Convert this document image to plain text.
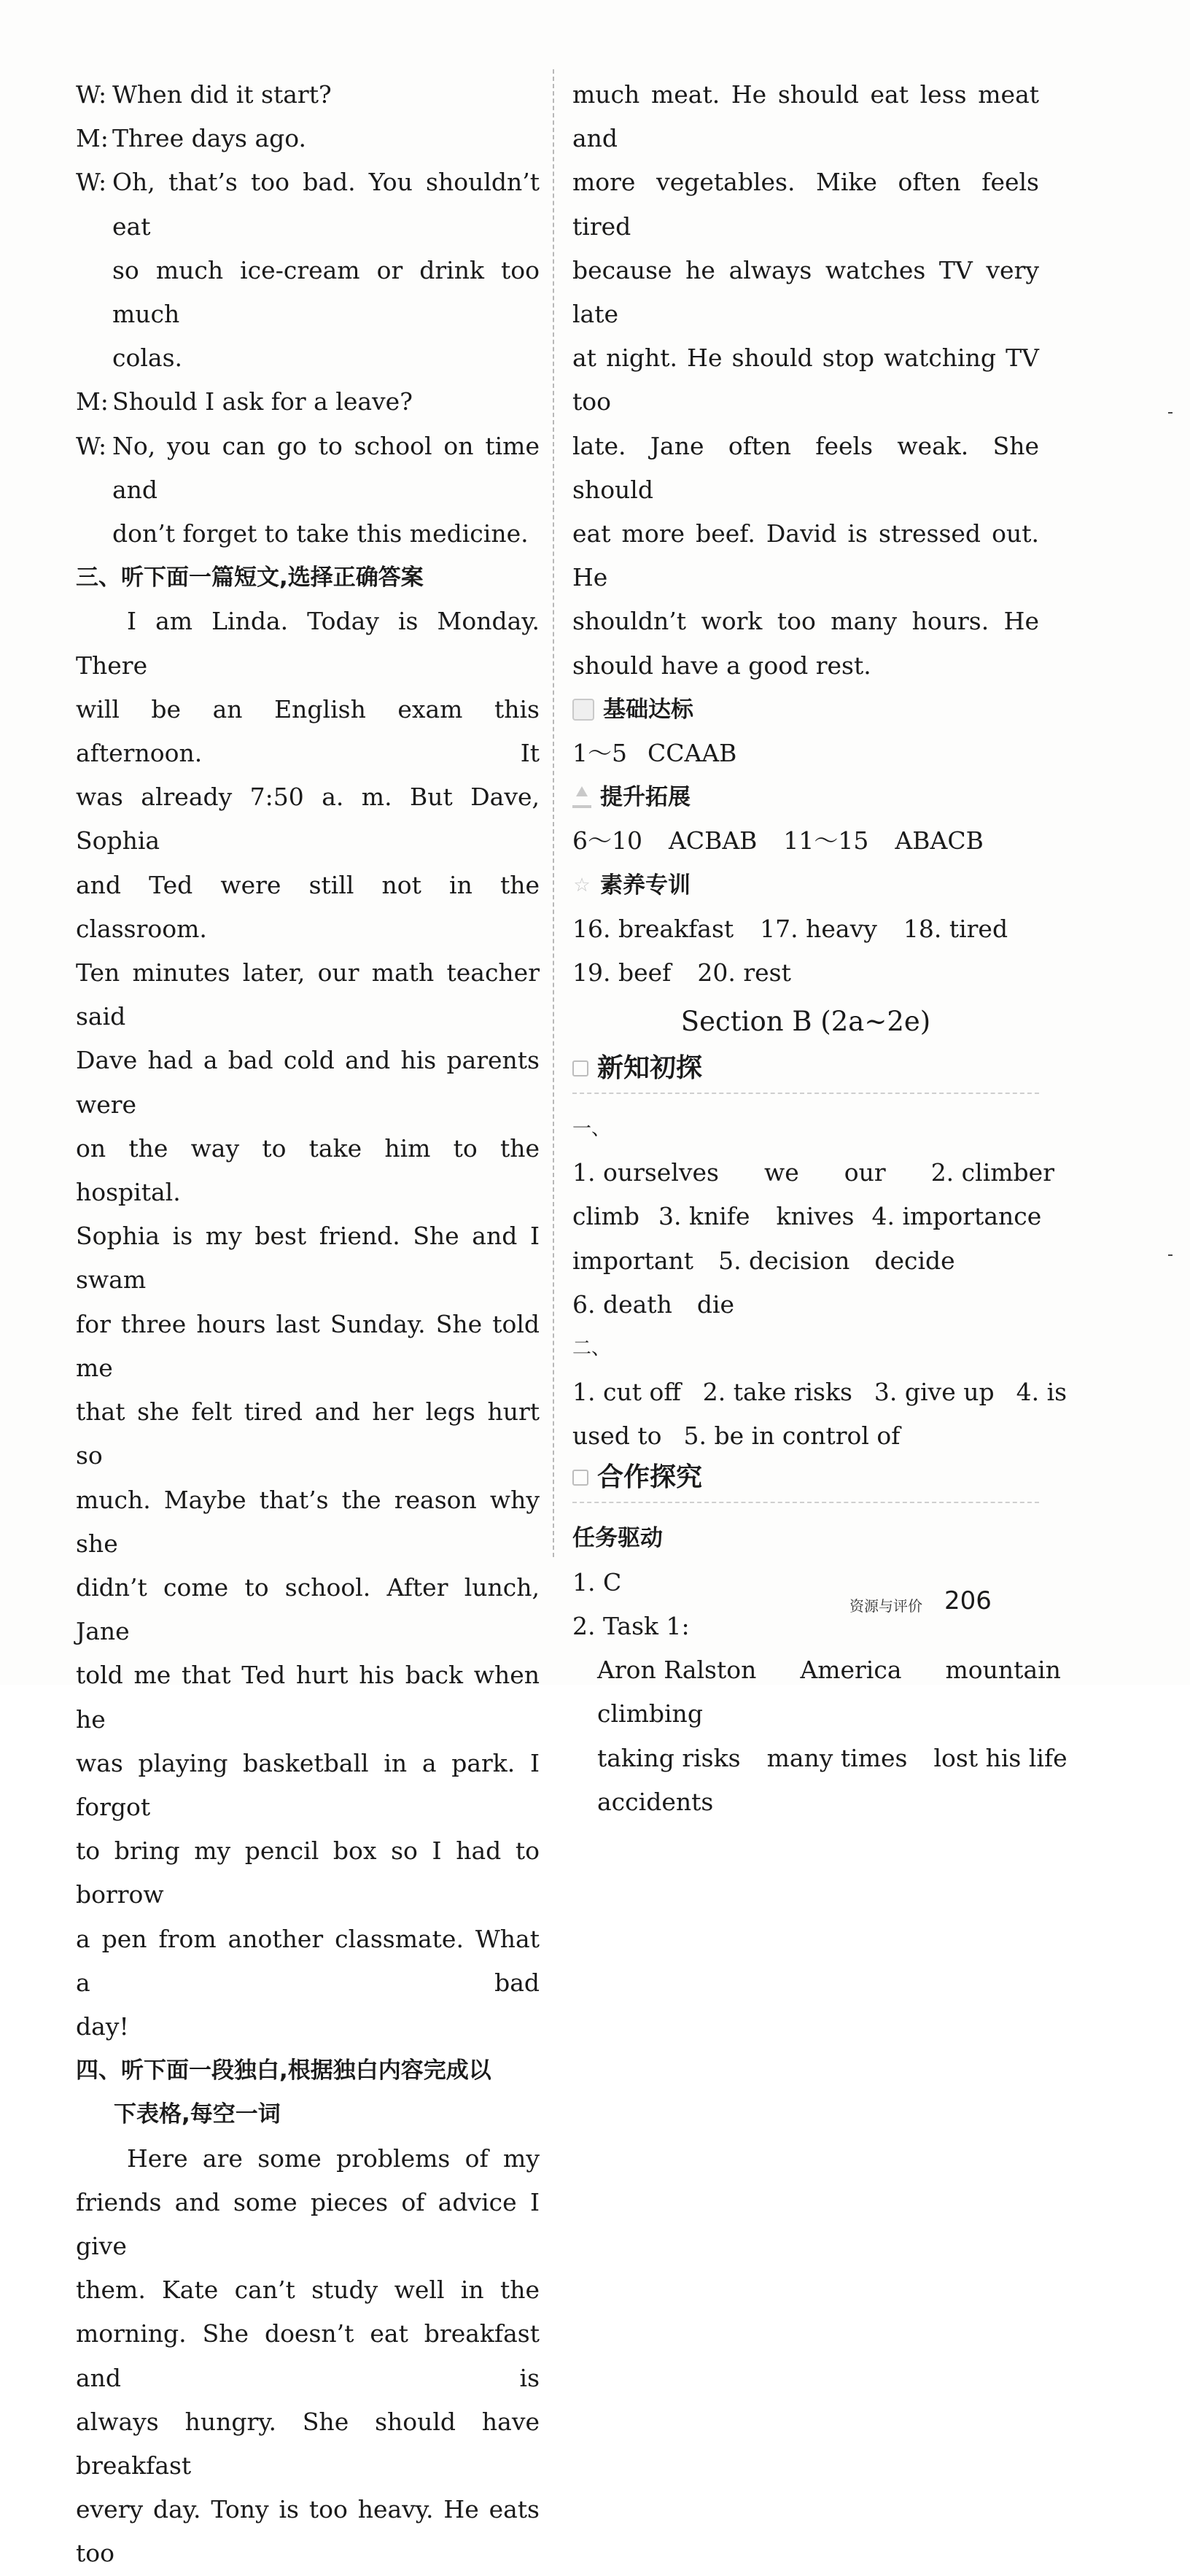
W: When did it start?
M: Three days ago.
W: Oh, that’s too bad. You shouldn’t eat
so much ice-cream or drink too much
colas.
M: Should I ask for a leave?
W: No, you can go to school on time and
don’t forget to take this medicine.
三、听下面一篇短文,选择正确答案
I am Linda. Today is Monday. There
will be an English exam this afternoon. It
was already 7:50 a. m. But Dave, Sophia
and Ted were still not in the classroom.
Ten minutes later, our math teacher said
Dave had a bad cold and his parents were
on the way to take him to the hospital.
Sophia is my best friend. She and I swam
for three hours last Sunday. She told me
that she felt tired and her legs hurt so
much. Maybe that’s the reason why she
didn’t come to school. After lunch, Jane
told me that Ted hurt his back when he
was playing basketball in a park. I forgot
to bring my pencil box so I had to borrow
a pen from another classmate. What a bad
day!
四、听下面一段独白,根据独白内容完成以
下表格,每空一词
Here are some problems of my
friends and some pieces of advice I give
them. Kate can’t study well in the
morning. She doesn’t eat breakfast and is
always hungry. She should have breakfast
every day. Tony is too heavy. He eats too
much meat. He should eat less meat and
more vegetables. Mike often feels tired
because he always watches TV very late
at night. He should stop watching TV too
late. Jane often feels weak. She should
eat more beef. David is stressed out. He
shouldn’t work too many hours. He
should have a good rest.
基础达标
1～5 CCAAB
提升拓展
6～10 ACBAB 11～15 ABACB
☆ 素养专训
16. breakfast 17. heavy 18. tired
19. beef 20. rest
Section B (2a~2e)
新知初探
一、
1. ourselves we our 2. climber
climb 3. knife knives 4. importance
important 5. decision decide
6. death die
二、
1. cut off 2. take risks 3. give up 4. is
used to 5. be in control of
合作探究
任务驱动
1. C
2. Task 1:
Aron Ralston America mountain
climbing
taking risks many times lost his life
accidents
资源与评价 206
